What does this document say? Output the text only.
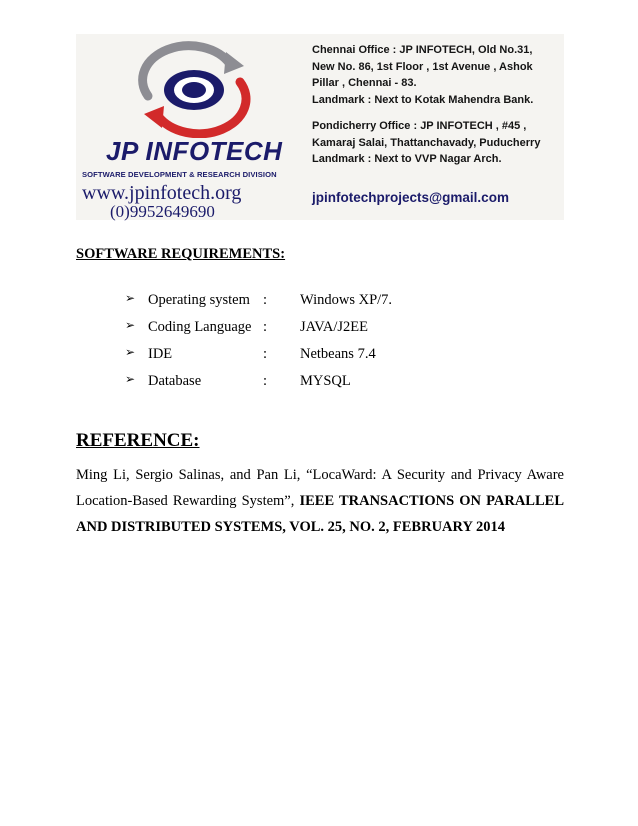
JP INFOTECH
SOFTWARE DEVELOPMENT & RESEARCH DIVISION
www.jpinfotech.org
(0)9952649690
Chennai Office : JP INFOTECH, Old No.31,
New No. 86, 1st Floor , 1st Avenue , Ashok
Pillar , Chennai - 83.
Landmark : Next to Kotak Mahendra Bank.
Pondicherry Office : JP INFOTECH , #45 ,
Kamaraj Salai, Thattanchavady, Puducherry
Landmark : Next to VVP Nagar Arch.
jpinfotechprojects@gmail.com
SOFTWARE REQUIREMENTS:
➢ Operating system : Windows XP/7.
➢ Coding Language : JAVA/J2EE
➢ IDE	: Netbeans 7.4
➢ Database	: MYSQL
REFERENCE:

Ming Li, Sergio Salinas, and Pan Li, “LocaWard: A Security and Privacy Aware Location-Based Rewarding System”, IEEE TRANSACTIONS ON PARALLEL AND DISTRIBUTED SYSTEMS, VOL. 25, NO. 2, FEBRUARY 2014
